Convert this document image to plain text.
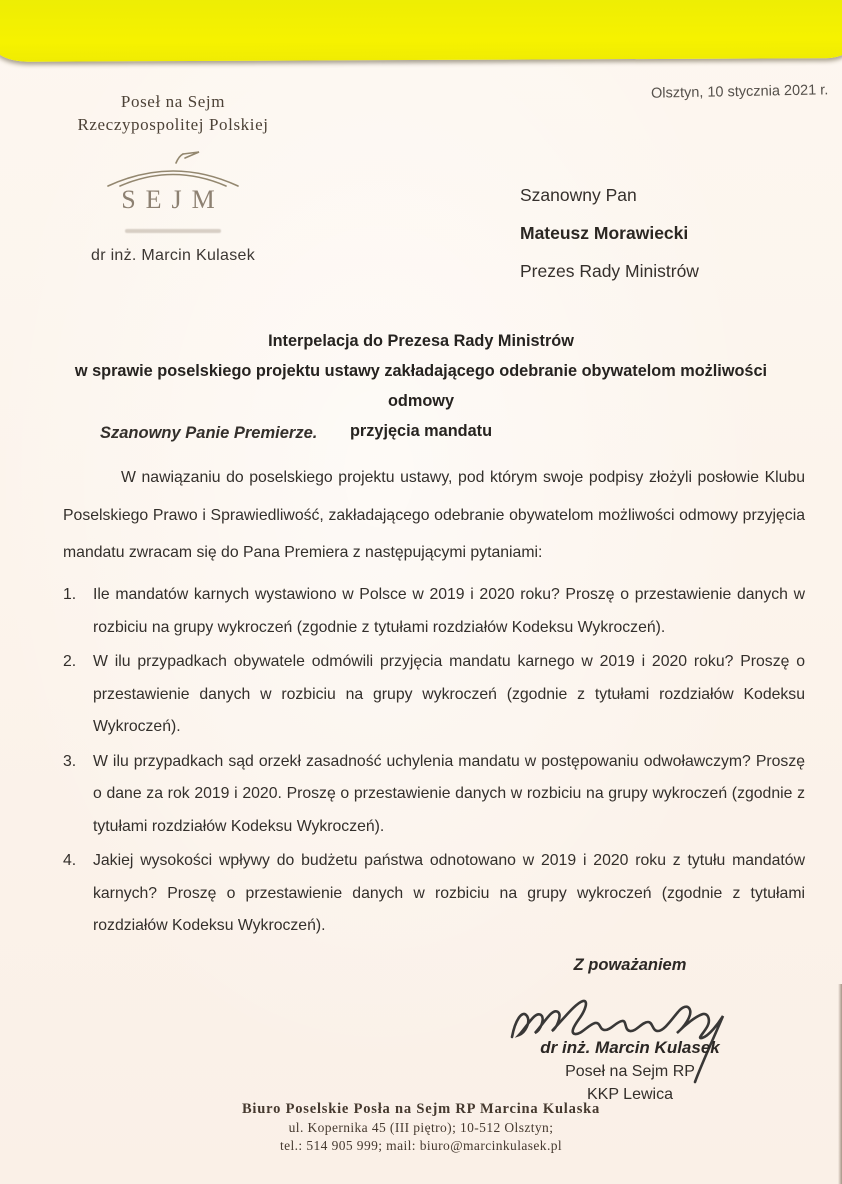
Poseł na Sejm
Rzeczypospolitej Polskiej
SEJM
dr inż. Marcin Kulasek
Olsztyn, 10 stycznia 2021 r.
Szanowny Pan
Mateusz Morawiecki
Prezes Rady Ministrów
Interpelacja do Prezesa Rady Ministrów
w sprawie poselskiego projektu ustawy zakładającego odebranie obywatelom możliwości odmowy
przyjęcia mandatu
Szanowny Panie Premierze.
W nawiązaniu do poselskiego projektu ustawy, pod którym swoje podpisy złożyli posłowie Klubu Poselskiego Prawo i Sprawiedliwość, zakładającego odebranie obywatelom możliwości odmowy przyjęcia mandatu zwracam się do Pana Premiera z następującymi pytaniami:
1.	Ile mandatów karnych wystawiono w Polsce w 2019 i 2020 roku? Proszę o przestawienie danych w rozbiciu na grupy wykroczeń (zgodnie z tytułami rozdziałów Kodeksu Wykroczeń).
2.	W ilu przypadkach obywatele odmówili przyjęcia mandatu karnego w 2019 i 2020 roku? Proszę o przestawienie danych w rozbiciu na grupy wykroczeń (zgodnie z tytułami rozdziałów Kodeksu Wykroczeń).
3.	W ilu przypadkach sąd orzekł zasadność uchylenia mandatu w postępowaniu odwoławczym? Proszę o dane za rok 2019 i 2020. Proszę o przestawienie danych w rozbiciu na grupy wykroczeń (zgodnie z tytułami rozdziałów Kodeksu Wykroczeń).
4.	Jakiej wysokości wpływy do budżetu państwa odnotowano w 2019 i 2020 roku z tytułu mandatów karnych? Proszę o przestawienie danych w rozbiciu na grupy wykroczeń (zgodnie z tytułami rozdziałów Kodeksu Wykroczeń).
Z poważaniem
dr inż. Marcin Kulasek
Poseł na Sejm RP
KKP Lewica
Biuro Poselskie Posła na Sejm RP Marcina Kulaska
ul. Kopernika 45 (III piętro); 10-512 Olsztyn;
tel.: 514 905 999; mail: biuro@marcinkulasek.pl
